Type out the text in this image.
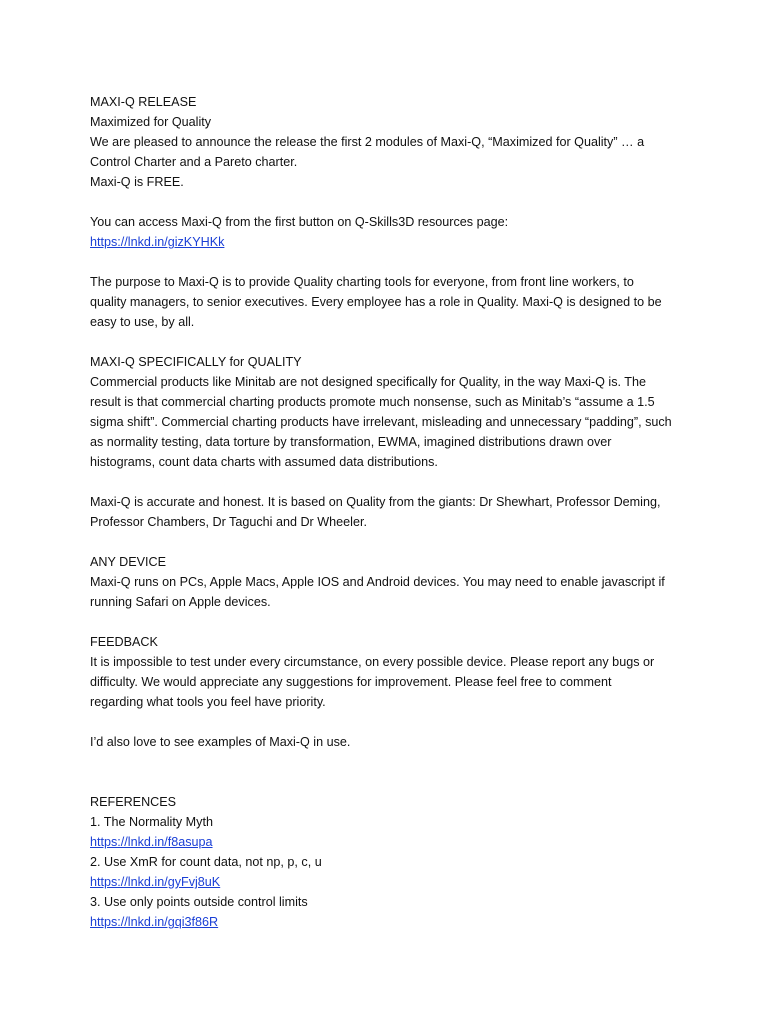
MAXI-Q RELEASE
Maximized for Quality
We are pleased to announce the release the first 2 modules of Maxi-Q, “Maximized for Quality” … a
Control Charter and a Pareto charter.
Maxi-Q is FREE.
You can access Maxi-Q from the first button on Q-Skills3D resources page:
https://lnkd.in/gizKYHKk
The purpose to Maxi-Q is to provide Quality charting tools for everyone, from front line workers, to
quality managers, to senior executives. Every employee has a role in Quality. Maxi-Q is designed to be
easy to use, by all.
MAXI-Q SPECIFICALLY for QUALITY
Commercial products like Minitab are not designed specifically for Quality, in the way Maxi-Q is. The
result is that commercial charting products promote much nonsense, such as Minitab’s “assume a 1.5
sigma shift”. Commercial charting products have irrelevant, misleading and unnecessary “padding”, such
as normality testing, data torture by transformation, EWMA, imagined distributions drawn over
histograms, count data charts with assumed data distributions.
Maxi-Q is accurate and honest. It is based on Quality from the giants: Dr Shewhart, Professor Deming,
Professor Chambers, Dr Taguchi and Dr Wheeler.
ANY DEVICE
Maxi-Q runs on PCs, Apple Macs, Apple IOS and Android devices. You may need to enable javascript if
running Safari on Apple devices.
FEEDBACK
It is impossible to test under every circumstance, on every possible device. Please report any bugs or
difficulty. We would appreciate any suggestions for improvement. Please feel free to comment
regarding what tools you feel have priority.
I’d also love to see examples of Maxi-Q in use.
REFERENCES
1. The Normality Myth
https://lnkd.in/f8asupa
2. Use XmR for count data, not np, p, c, u
https://lnkd.in/gyFvj8uK
3. Use only points outside control limits
https://lnkd.in/gqi3f86R
